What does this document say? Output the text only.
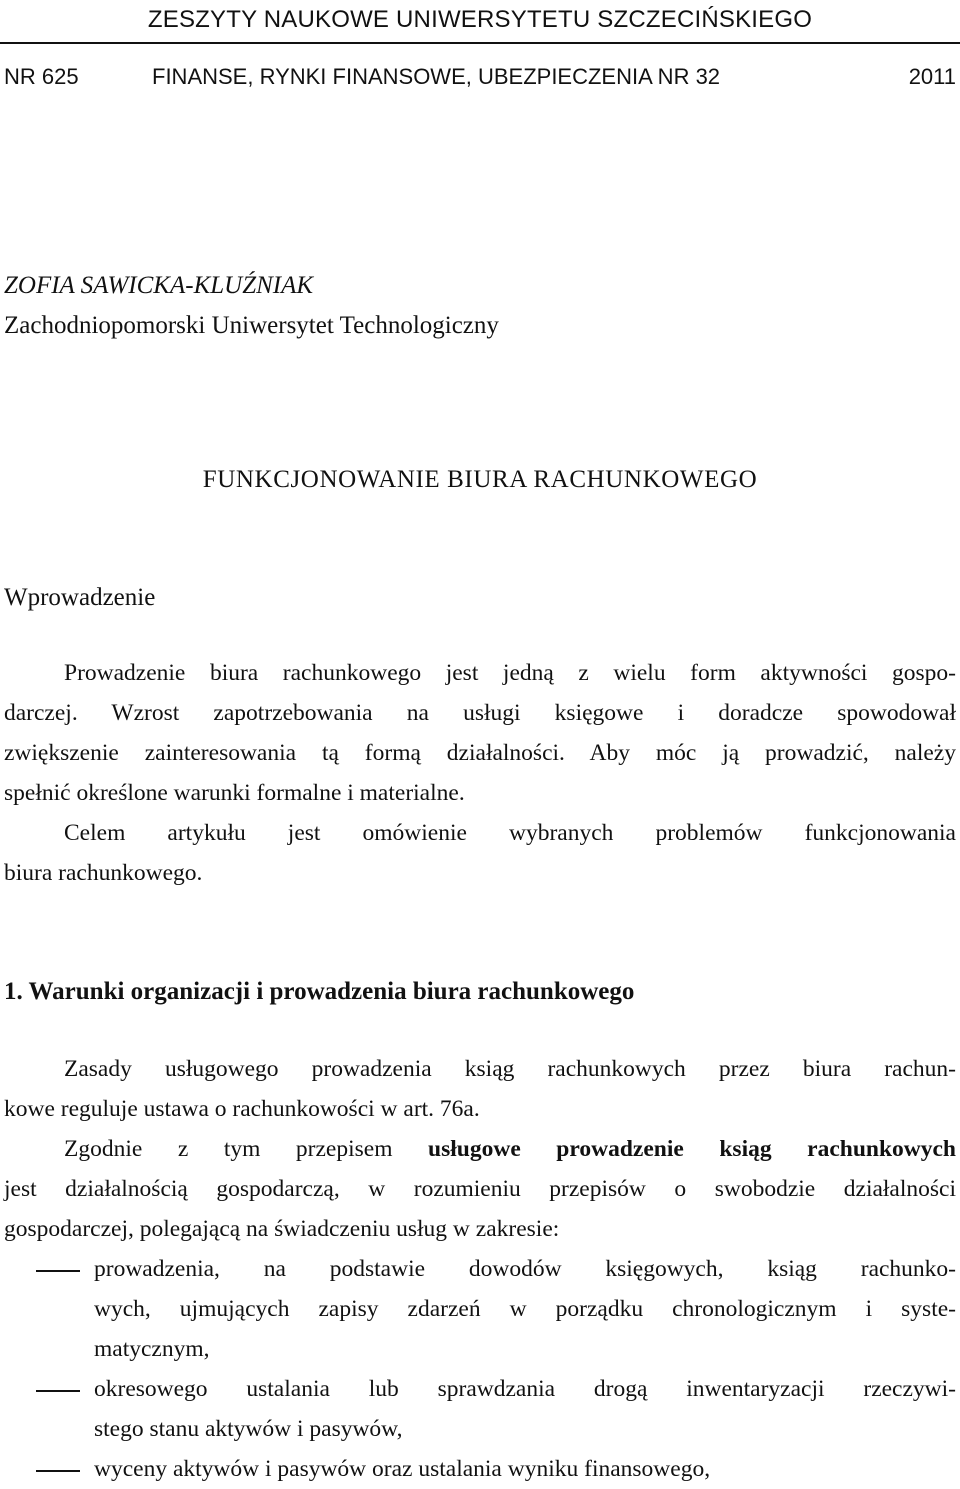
ZESZYTY NAUKOWE UNIWERSYTETU SZCZECIŃSKIEGO
NR 625	FINANSE, RYNKI FINANSOWE, UBEZPIECZENIA NR 32	2011
ZOFIA SAWICKA-KLUŹNIAK
Zachodniopomorski Uniwersytet Technologiczny
FUNKCJONOWANIE BIURA RACHUNKOWEGO
Wprowadzenie
Prowadzenie biura rachunkowego jest jedną z wielu form aktywności gospo-
darczej. Wzrost zapotrzebowania na usługi księgowe i doradcze spowodował
zwiększenie zainteresowania tą formą działalności. Aby móc ją prowadzić, należy
spełnić określone warunki formalne i materialne.
Celem artykułu jest omówienie wybranych problemów funkcjonowania
biura rachunkowego.
1. Warunki organizacji i prowadzenia biura rachunkowego
Zasady usługowego prowadzenia ksiąg rachunkowych przez biura rachun-
kowe reguluje ustawa o rachunkowości w art. 76a.
Zgodnie z tym przepisem usługowe prowadzenie ksiąg rachunkowych
jest działalnością gospodarczą, w rozumieniu przepisów o swobodzie działalności
gospodarczej, polegającą na świadczeniu usług w zakresie:
prowadzenia, na podstawie dowodów księgowych, ksiąg rachunko-
wych, ujmujących zapisy zdarzeń w porządku chronologicznym i syste-
matycznym,
okresowego ustalania lub sprawdzania drogą inwentaryzacji rzeczywi-
stego stanu aktywów i pasywów,
wyceny aktywów i pasywów oraz ustalania wyniku finansowego,
